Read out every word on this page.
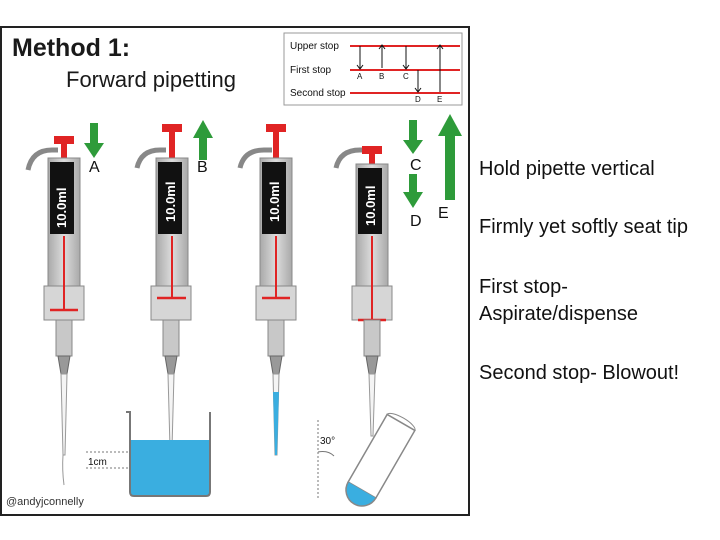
Upper stop
First stop
Second stop
A B C
D E
10.0ml
A
10.0ml
B
1cm
10.0ml	10.0ml
C
D E
30°
Method 1:
Forward pipetting
@andyjconnelly
Hold pipette vertical
Firmly yet softly seat tip
First stop-
Aspirate/dispense
Second stop- Blowout!
